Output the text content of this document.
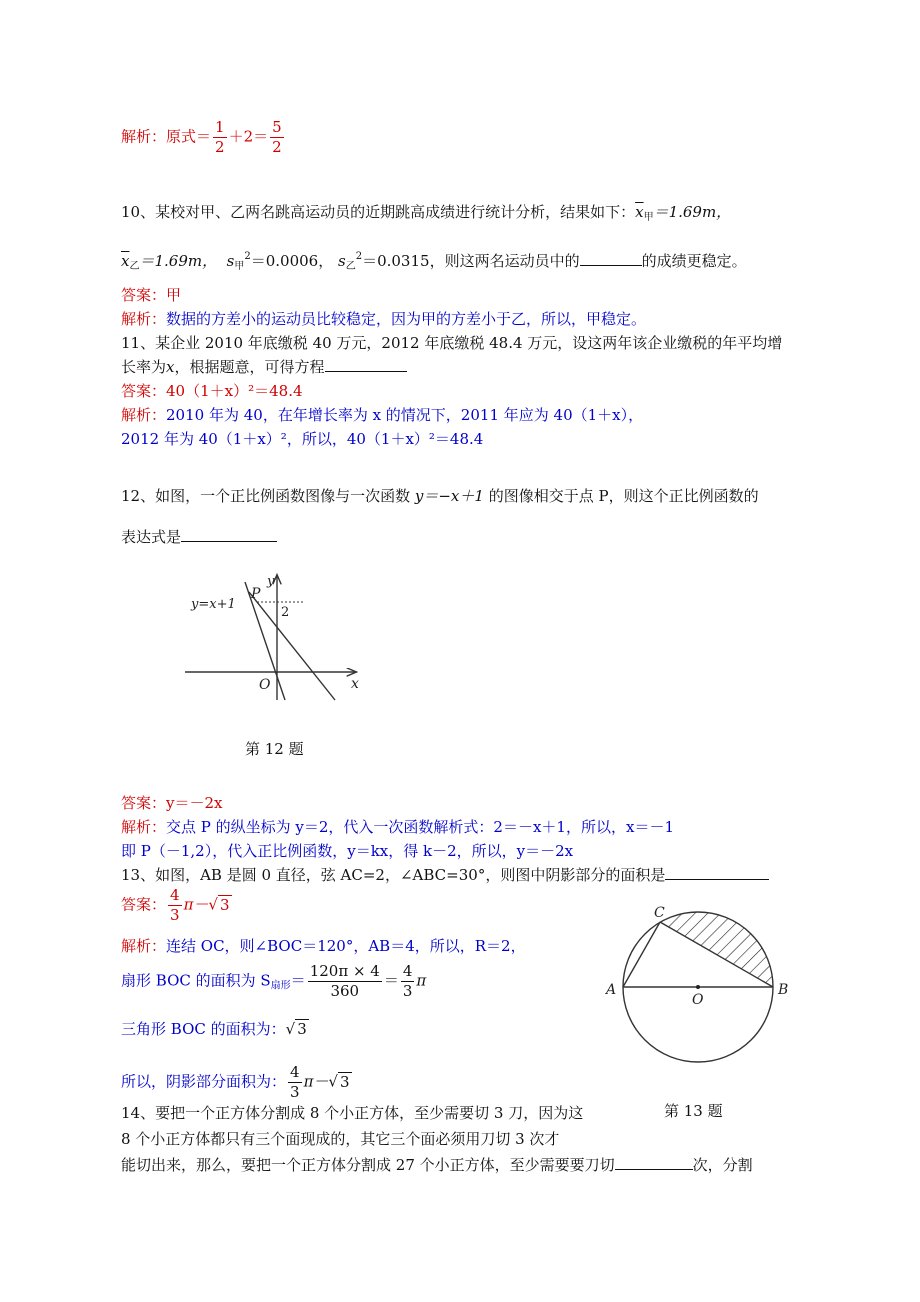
解析：原式＝ $\frac{1}{2} +2= \frac{5}{2}$
10、某校对甲、乙两名跳高运动员的近期跳高成绩进行统计分析，结果如下：$\overline{x}_甲=1.69m$，
$\overline{x}_乙=1.69m$， $s_甲^2=0.0006$， $s_乙^2=0.0315$，则这两名运动员中的	的成绩更稳定。
答案：甲
解析：数据的方差小的运动员比较稳定，因为甲的方差小于乙，所以，甲稳定。
11、某企业 2010 年底缴税 40 万元，2012 年底缴税 48.4 万元，设这两年该企业缴税的年平均增
长率为x，根据题意，可得方程
答案：40（1＋x）²＝48.4
解析：2010 年为 40，在年增长率为 x 的情况下，2011 年应为 40（1＋x），
2012 年为 40（1＋x）²，所以，40（1＋x）²＝48.4
12、如图，一个正比例函数图像与一次函数 y＝−x＋1 的图像相交于点 P，则这个正比例函数的
表达式是
y=x+1
P
2
y
x
O
第 12 题
答案：y＝－2x
解析：交点 P 的纵坐标为 y＝2，代入一次函数解析式：2＝－x＋1，所以，x＝－1
即 P（－1,2），代入正比例函数，y＝kx，得 k－2，所以，y＝－2x
13、如图，AB 是圆 0 直径，弦 AC=2，∠ABC=30°，则图中阴影部分的面积是
答案： $\frac{4}{3} \pi-√$ 3
解析：连结 OC，则∠BOC＝120°，AB＝4，所以，R＝2，
扇形 BOC 的面积为 $S_{扇形}= \frac{120\pi \times 4}{360} = \frac{4}{3}$ π
三角形 BOC 的面积为：√ 3
所以，阴影部分面积为： $\frac{4}{3} \pi-√$ 3
C
A
O
B
第 13 题
14、要把一个正方体分割成 8 个小正方体，至少需要切 3 刀，因为这
8 个小正方体都只有三个面现成的，其它三个面必须用刀切 3 次才
能切出来，那么，要把一个正方体分割成 27 个小正方体，至少需要要刀切	次，分割
